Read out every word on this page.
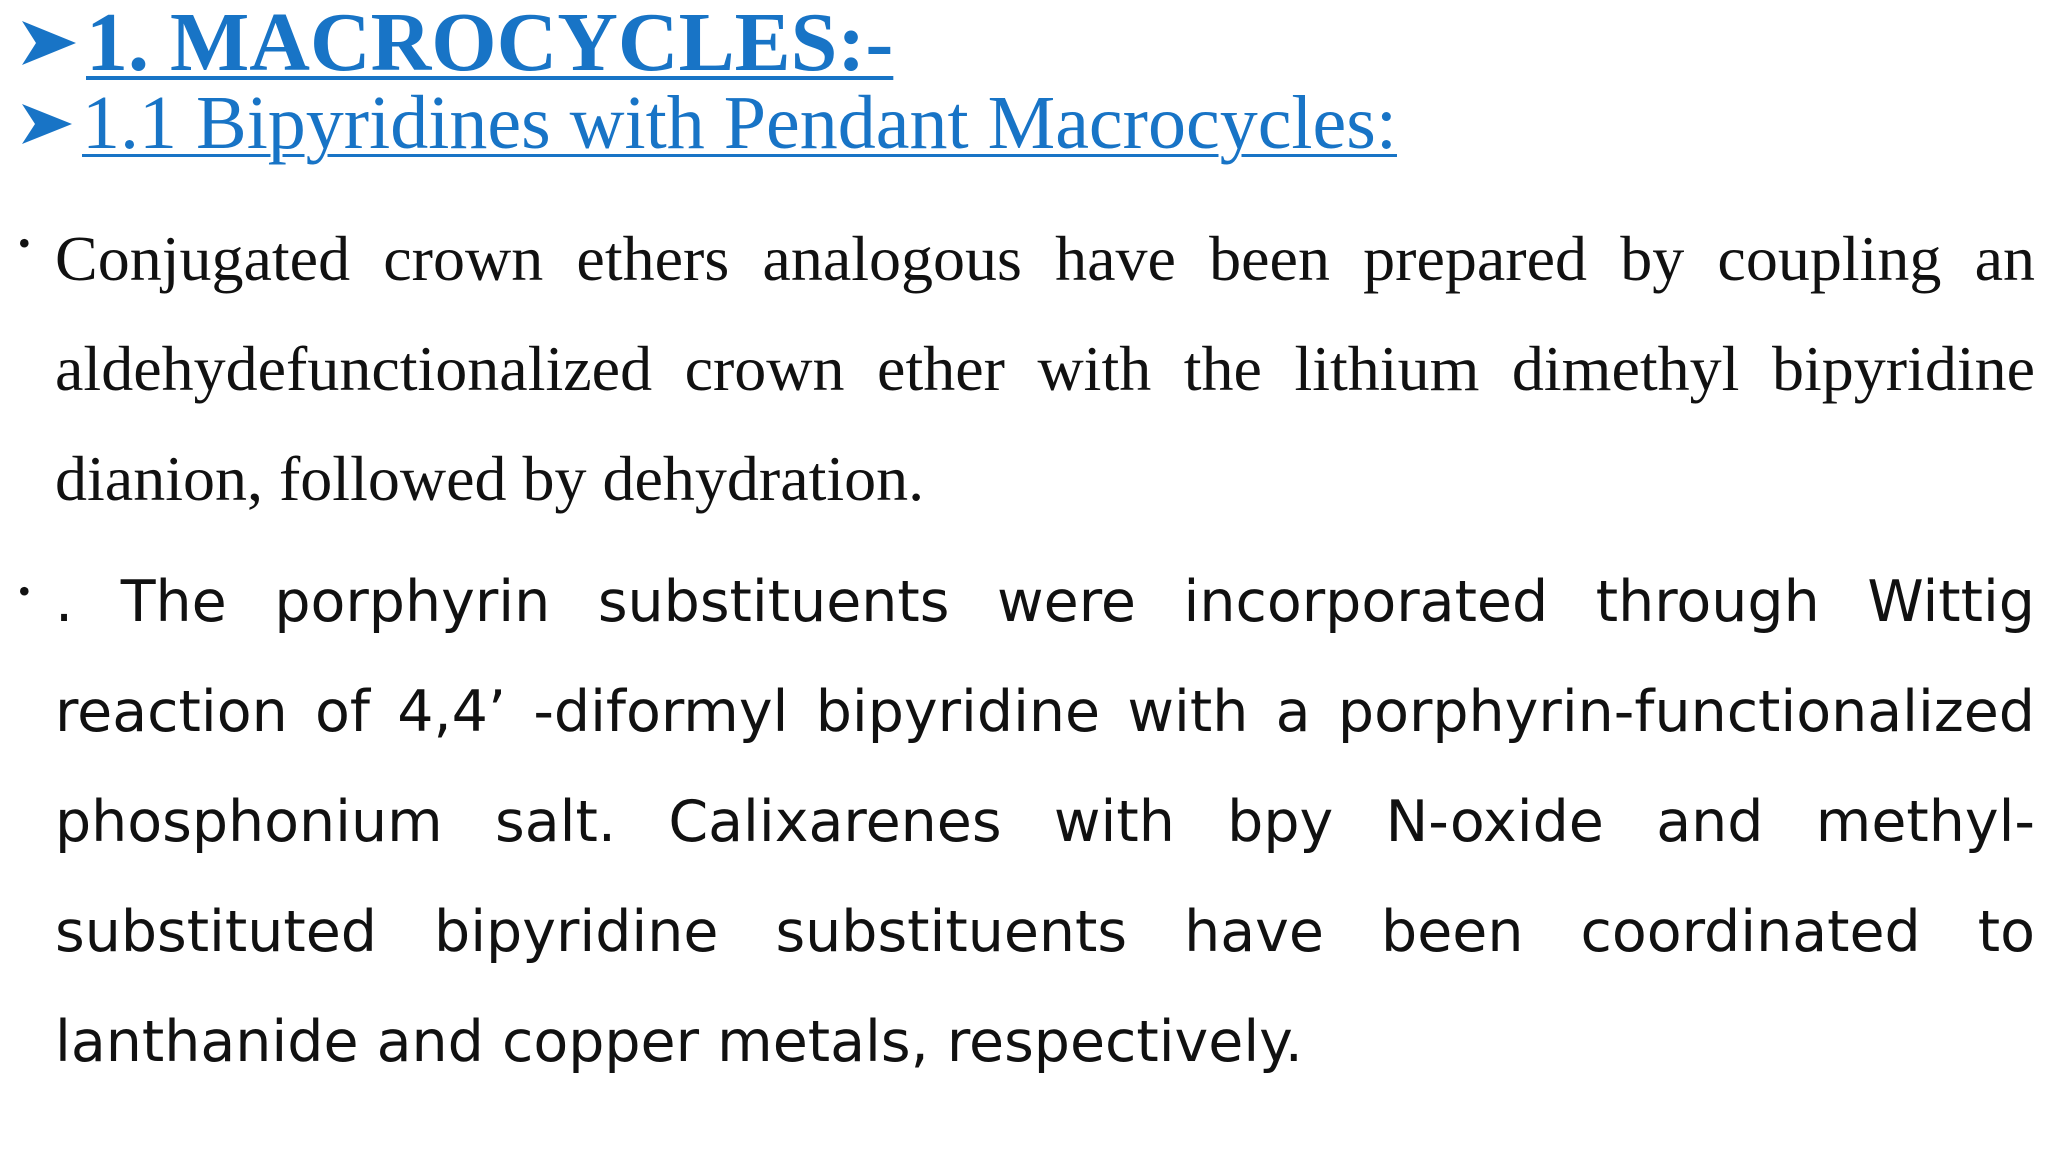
1. MACROCYCLES:-
1.1 Bipyridines with Pendant Macrocycles:
• Conjugated crown ethers analogous have been prepared by coupling an aldehydefunctionalized crown ether with the lithium dimethyl bipyridine dianion, followed by dehydration.

• . The porphyrin substituents were incorporated through Wittig reaction of 4,4’ -diformyl bipyridine with a porphyrin-functionalized phosphonium salt. Calixarenes with bpy N-oxide and methyl-substituted bipyridine substituents have been coordinated to lanthanide and copper metals, respectively.
